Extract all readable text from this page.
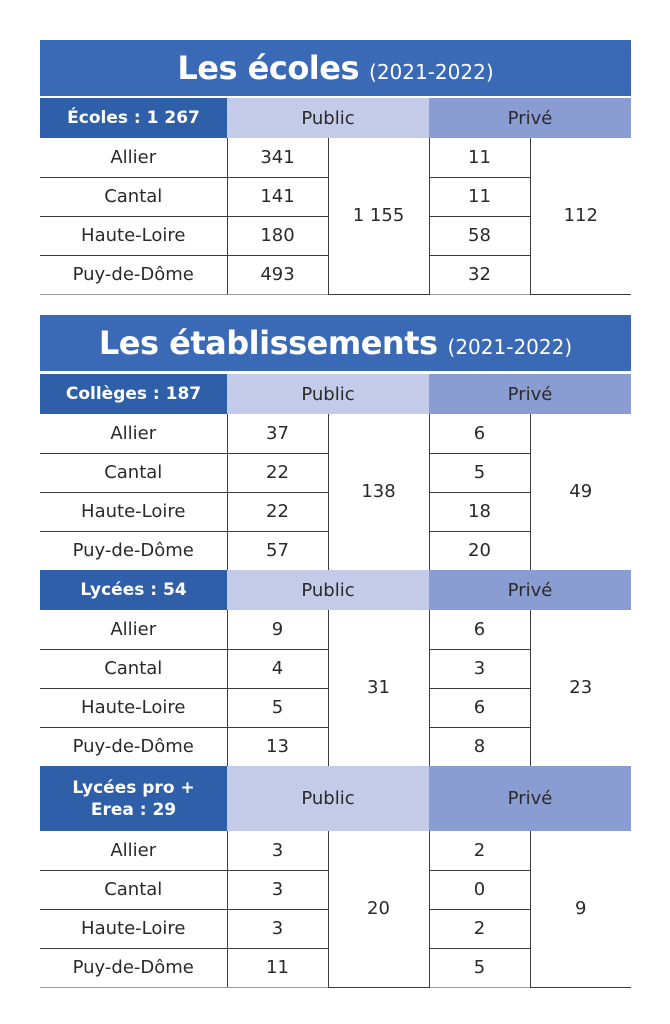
Les écoles (2021-2022)
Écoles : 1 267	Public		Privé	
Allier	341	1 155	11	112
Cantal	141		11	
Haute-Loire	180		58	
Puy-de-Dôme	493		32	
Les établissements (2021-2022)
Collèges : 187	Public		Privé	
Allier	37	138	6	49
Cantal	22		5	
Haute-Loire	22		18	
Puy-de-Dôme	57		20	
Lycées : 54	Public		Privé	
Allier	9	31	6	23
Cantal	4		3	
Haute-Loire	5		6	
Puy-de-Dôme	13		8	
Lycées pro +
Erea : 29	Public		Privé	
Allier	3	20	2	9
Cantal	3		0	
Haute-Loire	3		2	
Puy-de-Dôme	11		5	
